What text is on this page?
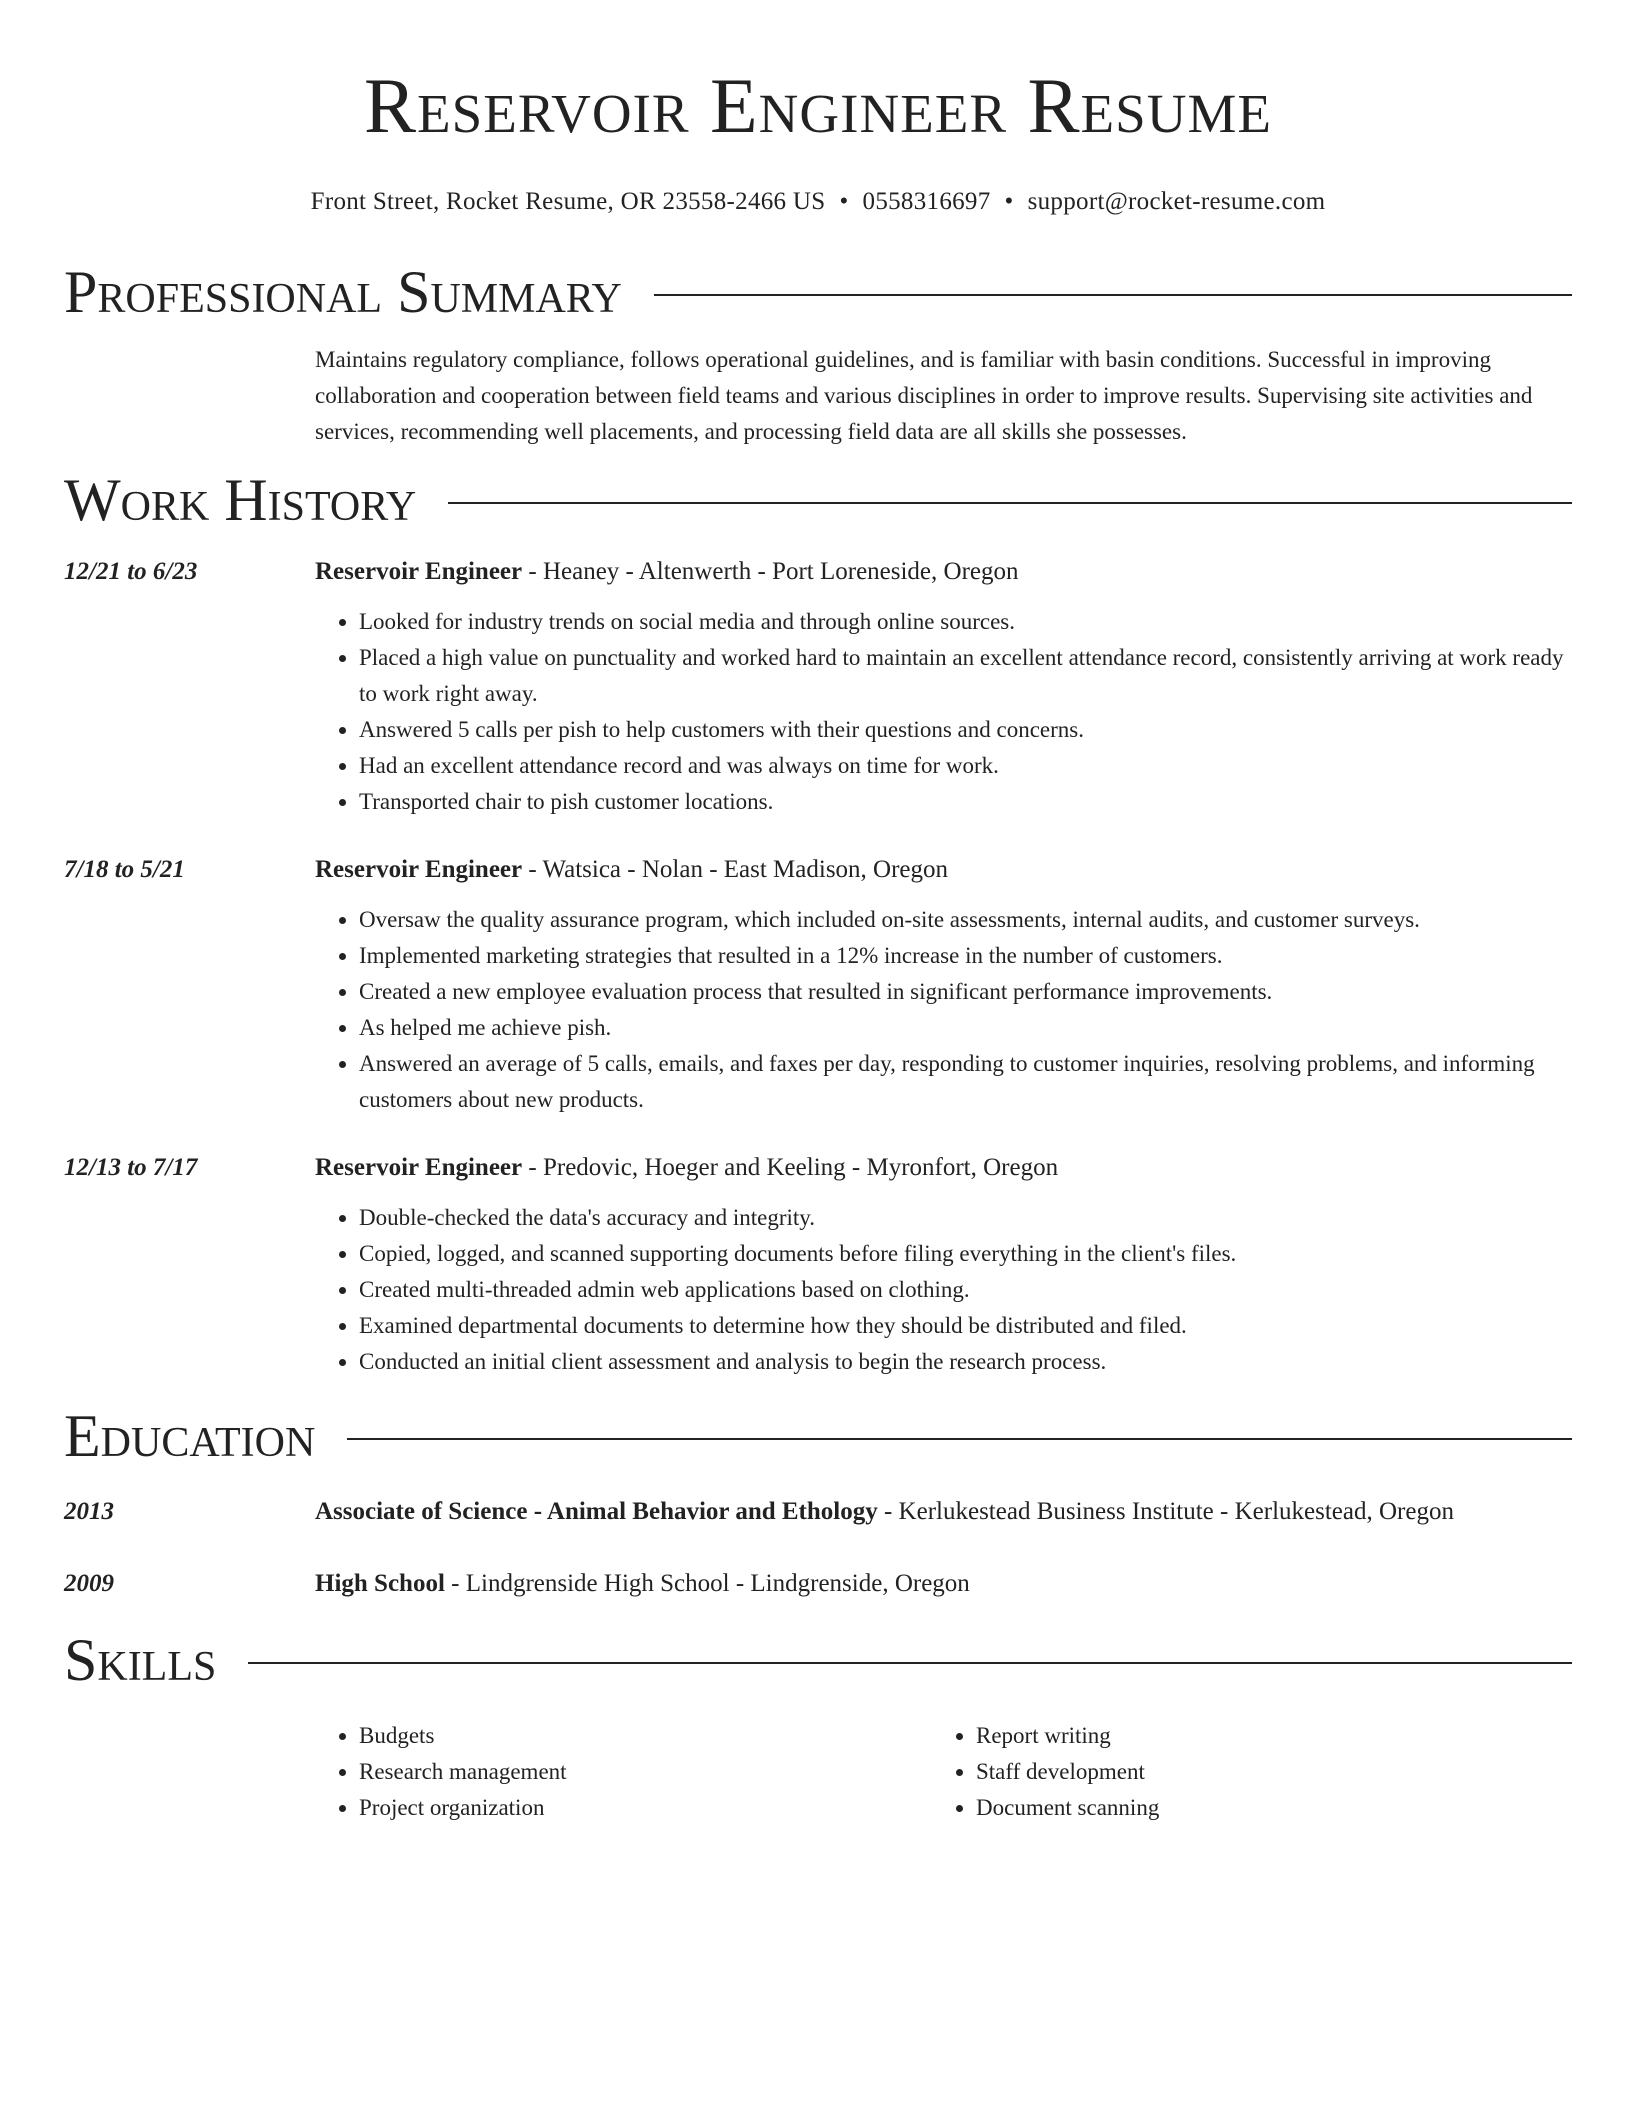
Reservoir Engineer Resume
Front Street, Rocket Resume, OR 23558-2466 US • 0558316697 • support@rocket-resume.com
Professional Summary
Maintains regulatory compliance, follows operational guidelines, and is familiar with basin conditions. Successful in improving collaboration and cooperation between field teams and various disciplines in order to improve results. Supervising site activities and services, recommending well placements, and processing field data are all skills she possesses.
Work History
12/21 to 6/23	Reservoir Engineer - Heaney - Altenwerth - Port Loreneside, Oregon
• Looked for industry trends on social media and through online sources.
• Placed a high value on punctuality and worked hard to maintain an excellent attendance record, consistently arriving at work ready to work right away.
• Answered 5 calls per pish to help customers with their questions and concerns.
• Had an excellent attendance record and was always on time for work.
• Transported chair to pish customer locations.
7/18 to 5/21	Reservoir Engineer - Watsica - Nolan - East Madison, Oregon
• Oversaw the quality assurance program, which included on-site assessments, internal audits, and customer surveys.
• Implemented marketing strategies that resulted in a 12% increase in the number of customers.
• Created a new employee evaluation process that resulted in significant performance improvements.
• As helped me achieve pish.
• Answered an average of 5 calls, emails, and faxes per day, responding to customer inquiries, resolving problems, and informing customers about new products.
12/13 to 7/17	Reservoir Engineer - Predovic, Hoeger and Keeling - Myronfort, Oregon
• Double-checked the data's accuracy and integrity.
• Copied, logged, and scanned supporting documents before filing everything in the client's files.
• Created multi-threaded admin web applications based on clothing.
• Examined departmental documents to determine how they should be distributed and filed.
• Conducted an initial client assessment and analysis to begin the research process.
Education
2013	Associate of Science - Animal Behavior and Ethology - Kerlukestead Business Institute - Kerlukestead, Oregon
2009	High School - Lindgrenside High School - Lindgrenside, Oregon
Skills
• Budgets
• Research management
• Project organization
• Report writing
• Staff development
• Document scanning
